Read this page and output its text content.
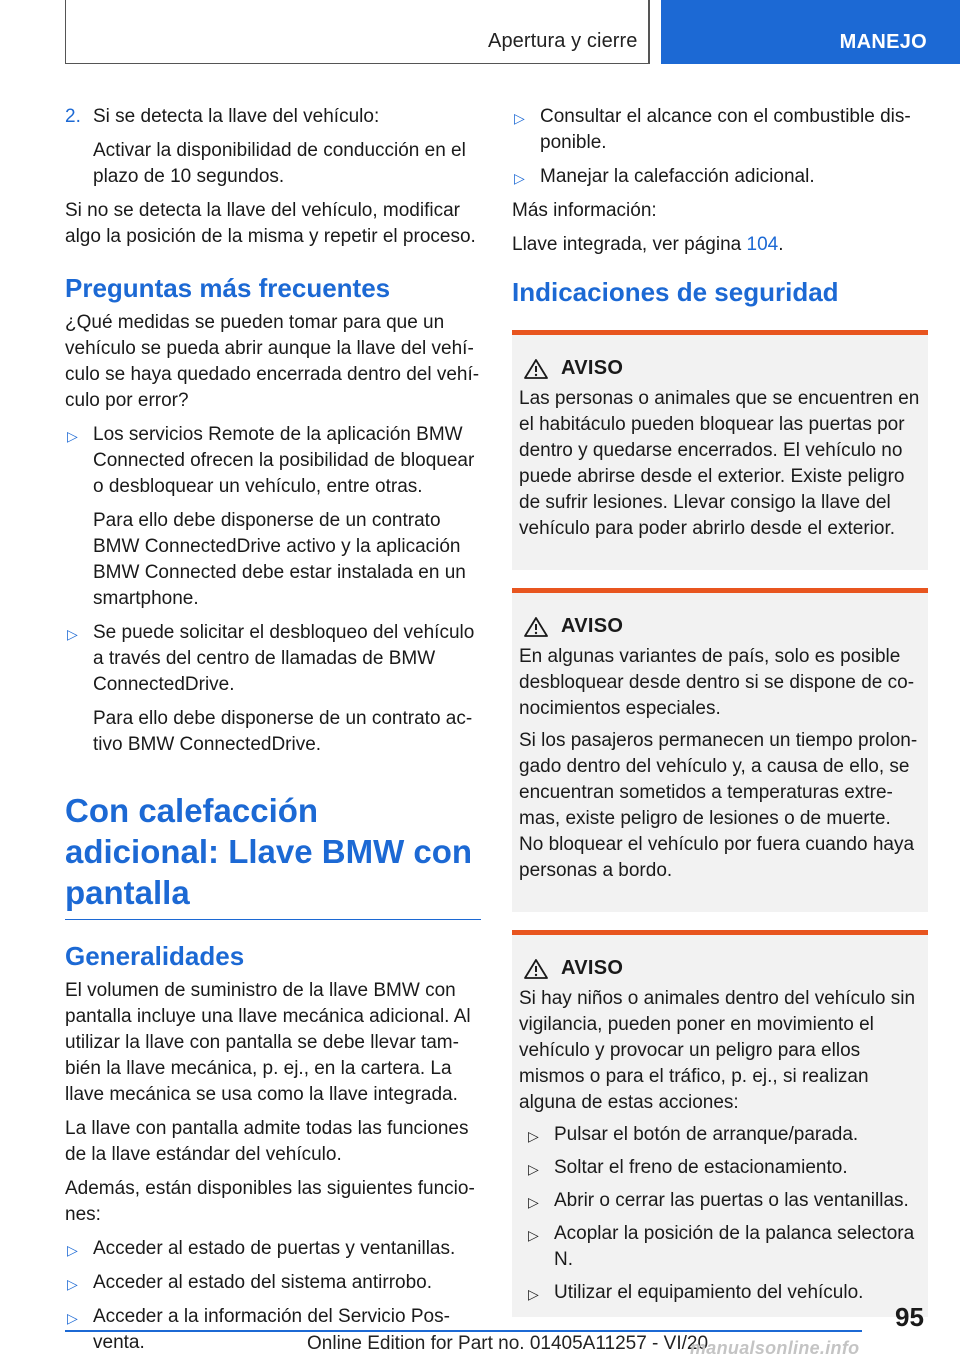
Apertura y cierre	MANEJO
2. Si se detecta la llave del vehículo:
Activar la disponibilidad de conducción en el plazo de 10 segundos.
Si no se detecta la llave del vehículo, modificar algo la posición de la misma y repetir el proceso.
Preguntas más frecuentes
¿Qué medidas se pueden tomar para que un vehículo se pueda abrir aunque la llave del vehículo se haya quedado encerrada dentro del vehículo por error?
▷ Los servicios Remote de la aplicación BMW Connected ofrecen la posibilidad de bloquear o desbloquear un vehículo, entre otras.
Para ello debe disponerse de un contrato BMW ConnectedDrive activo y la aplicación BMW Connected debe estar instalada en un smartphone.
▷ Se puede solicitar el desbloqueo del vehículo a través del centro de llamadas de BMW ConnectedDrive.
Para ello debe disponerse de un contrato activo BMW ConnectedDrive.
Con calefacción adicional: Llave BMW con pantalla
Generalidades
El volumen de suministro de la llave BMW con pantalla incluye una llave mecánica adicional. Al utilizar la llave con pantalla se debe llevar también la llave mecánica, p. ej., en la cartera. La llave mecánica se usa como la llave integrada.
La llave con pantalla admite todas las funciones de la llave estándar del vehículo.
Además, están disponibles las siguientes funciones:
▷ Acceder al estado de puertas y ventanillas.
▷ Acceder al estado del sistema antirrobo.
▷ Acceder a la información del Servicio Posventa.
▷ Consultar el alcance con el combustible disponible.
▷ Manejar la calefacción adicional.
Más información:
Llave integrada, ver página 104.
Indicaciones de seguridad
AVISO
Las personas o animales que se encuentren en el habitáculo pueden bloquear las puertas por dentro y quedarse encerrados. El vehículo no puede abrirse desde el exterior. Existe peligro de sufrir lesiones. Llevar consigo la llave del vehículo para poder abrirlo desde el exterior.
AVISO
En algunas variantes de país, solo es posible desbloquear desde dentro si se dispone de conocimientos especiales.
Si los pasajeros permanecen un tiempo prolongado dentro del vehículo y, a causa de ello, se encuentran sometidos a temperaturas extremas, existe peligro de lesiones o de muerte. No bloquear el vehículo por fuera cuando haya personas a bordo.
AVISO
Si hay niños o animales dentro del vehículo sin vigilancia, pueden poner en movimiento el vehículo y provocar un peligro para ellos mismos o para el tráfico, p. ej., si realizan alguna de estas acciones:
▷ Pulsar el botón de arranque/parada.
▷ Soltar el freno de estacionamiento.
▷ Abrir o cerrar las puertas o las ventanillas.
▷ Acoplar la posición de la palanca selectora N.
▷ Utilizar el equipamiento del vehículo.
95
Online Edition for Part no. 01405A11257 - VI/20
manualsonline.info
